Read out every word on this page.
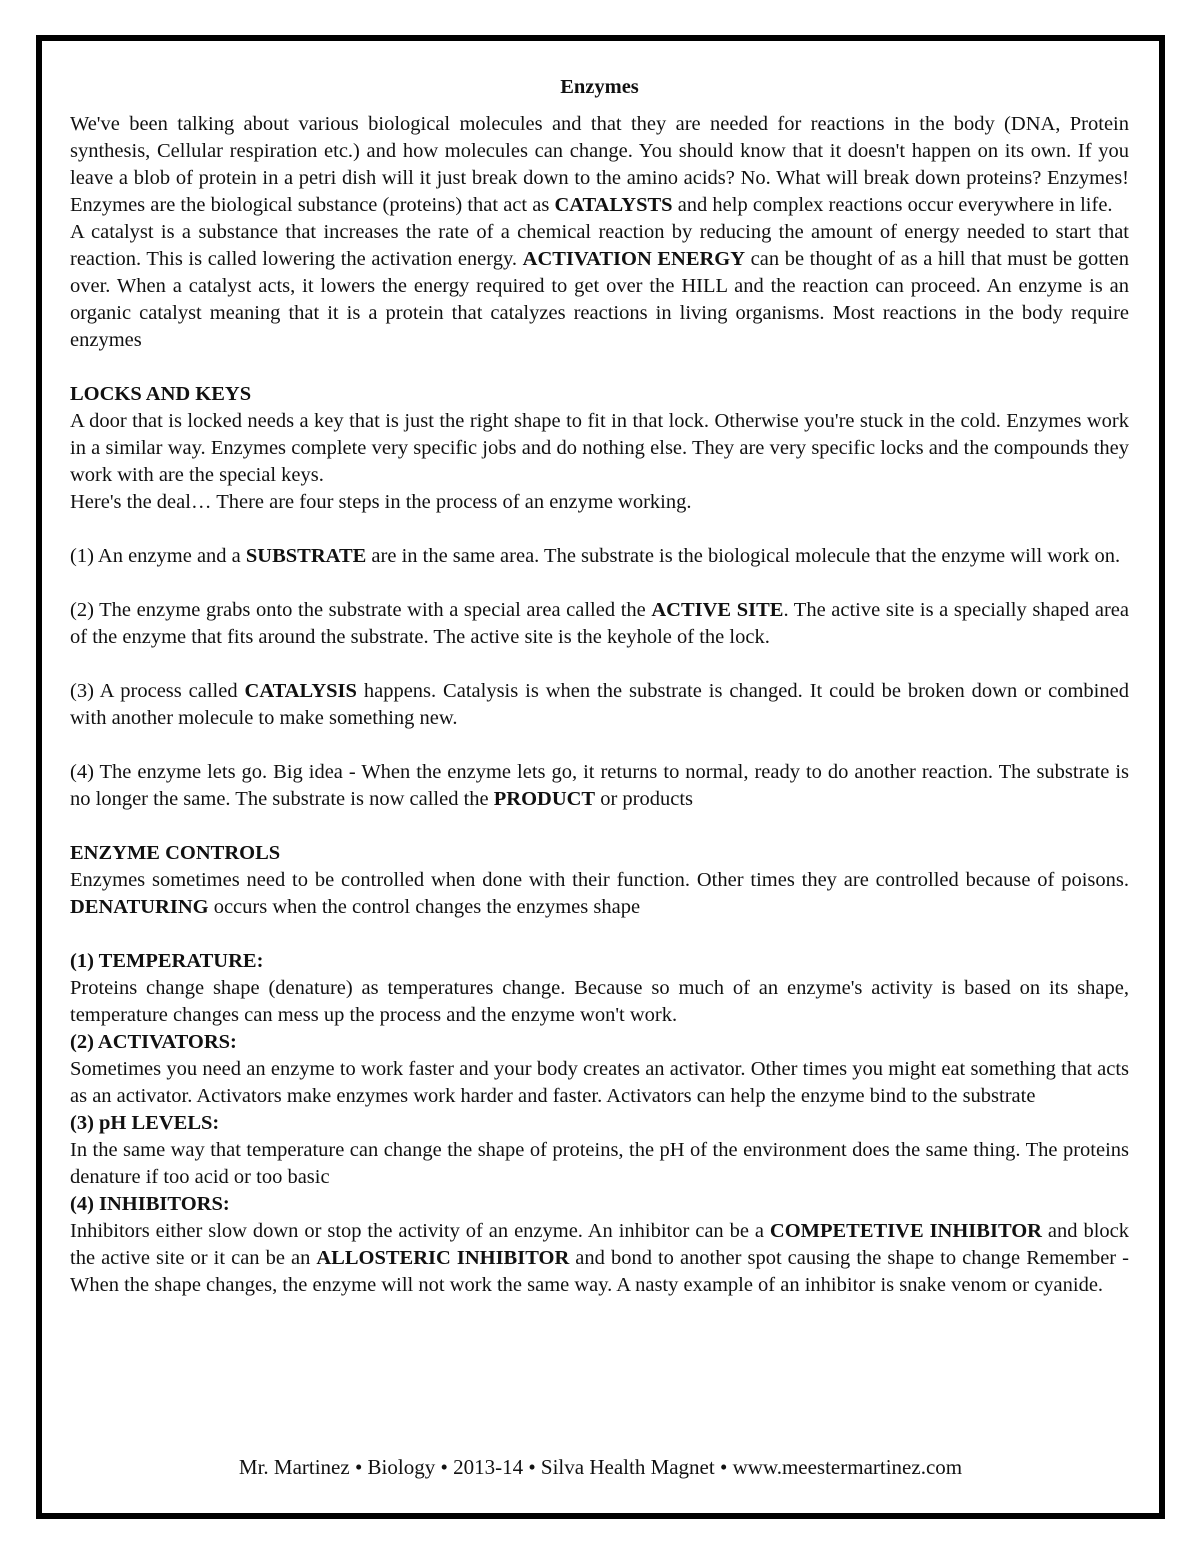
Enzymes

We've been talking about various biological molecules and that they are needed for reactions in the body (DNA, Protein synthesis, Cellular respiration etc.) and how molecules can change. You should know that it doesn't happen on its own. If you leave a blob of protein in a petri dish will it just break down to the amino acids? No. What will break down proteins? Enzymes! Enzymes are the biological substance (proteins) that act as CATALYSTS and help complex reactions occur everywhere in life.

A catalyst is a substance that increases the rate of a chemical reaction by reducing the amount of energy needed to start that reaction. This is called lowering the activation energy. ACTIVATION ENERGY can be thought of as a hill that must be gotten over. When a catalyst acts, it lowers the energy required to get over the HILL and the reaction can proceed. An enzyme is an organic catalyst meaning that it is a protein that catalyzes reactions in living organisms. Most reactions in the body require enzymes

LOCKS AND KEYS

A door that is locked needs a key that is just the right shape to fit in that lock. Otherwise you're stuck in the cold. Enzymes work in a similar way. Enzymes complete very specific jobs and do nothing else. They are very specific locks and the compounds they work with are the special keys.

Here's the deal… There are four steps in the process of an enzyme working.

(1) An enzyme and a SUBSTRATE are in the same area. The substrate is the biological molecule that the enzyme will work on.

(2) The enzyme grabs onto the substrate with a special area called the ACTIVE SITE. The active site is a specially shaped area of the enzyme that fits around the substrate. The active site is the keyhole of the lock.

(3) A process called CATALYSIS happens. Catalysis is when the substrate is changed. It could be broken down or combined with another molecule to make something new.

(4) The enzyme lets go. Big idea - When the enzyme lets go, it returns to normal, ready to do another reaction. The substrate is no longer the same. The substrate is now called the PRODUCT or products

ENZYME CONTROLS

Enzymes sometimes need to be controlled when done with their function. Other times they are controlled because of poisons. DENATURING occurs when the control changes the enzymes shape

(1) TEMPERATURE:

Proteins change shape (denature) as temperatures change. Because so much of an enzyme's activity is based on its shape, temperature changes can mess up the process and the enzyme won't work.

(2) ACTIVATORS:

Sometimes you need an enzyme to work faster and your body creates an activator. Other times you might eat something that acts as an activator. Activators make enzymes work harder and faster. Activators can help the enzyme bind to the substrate

(3) pH LEVELS:

In the same way that temperature can change the shape of proteins, the pH of the environment does the same thing. The proteins denature if too acid or too basic

(4) INHIBITORS:

Inhibitors either slow down or stop the activity of an enzyme. An inhibitor can be a COMPETETIVE INHIBITOR and block the active site or it can be an ALLOSTERIC INHIBITOR and bond to another spot causing the shape to change Remember - When the shape changes, the enzyme will not work the same way. A nasty example of an inhibitor is snake venom or cyanide.

Mr. Martinez • Biology • 2013-14 • Silva Health Magnet • www.meestermartinez.com
